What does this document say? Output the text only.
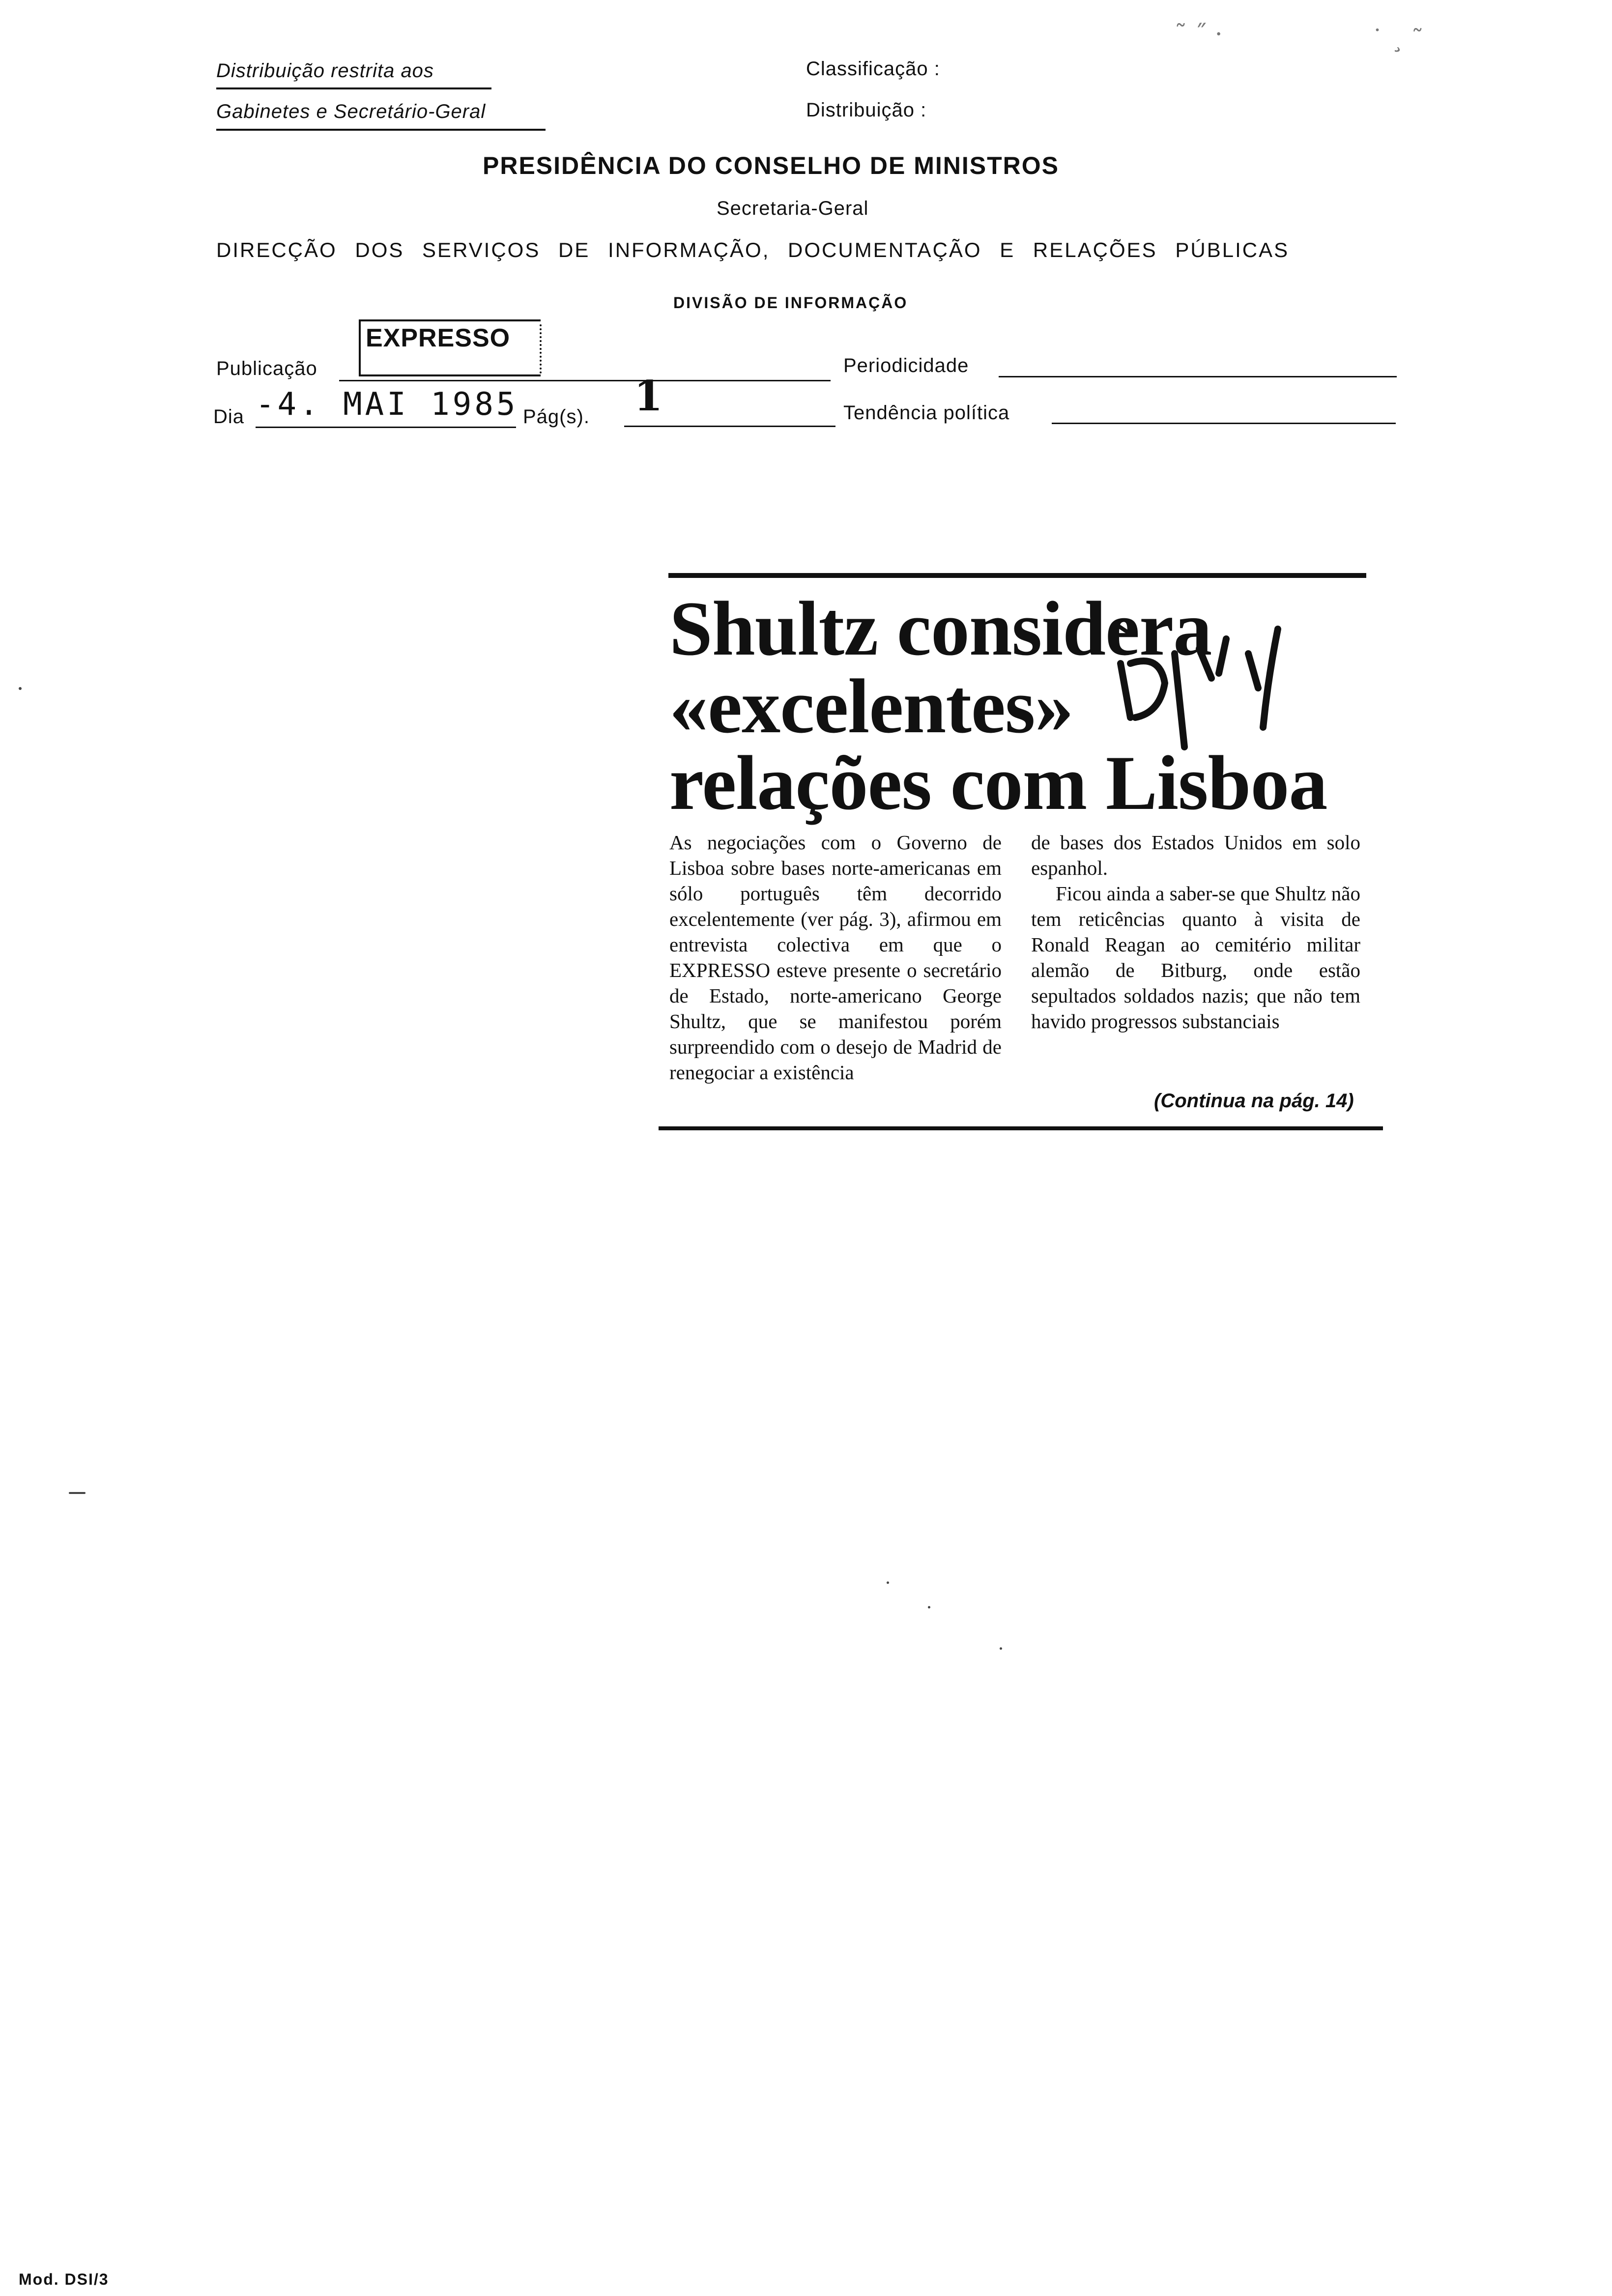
Distribuição restrita aos
Gabinetes e Secretário-Geral
Classificação :
Distribuição :
˜ ˝ ·	˙ ¸ ˜
PRESIDÊNCIA DO CONSELHO DE MINISTROS
Secretaria-Geral
DIRECÇÃO DOS SERVIÇOS DE INFORMAÇÃO, DOCUMENTAÇÃO E RELAÇÕES PÚBLICAS
DIVISÃO DE INFORMAÇÃO
Publicação
EXPRESSO
Periodicidade
Dia -4. MAI 1985 Pág(s). 1	Tendência política
Shultz considera
«excelentes»
relações com Lisboa

As negociações com o Governo de Lisboa sobre bases norte-americanas em sólo português têm decorrido excelentemente (ver pág. 3), afirmou em entrevista colectiva em que o EXPRESSO esteve presente o secretário de Estado, norte-americano George Shultz, que se manifestou porém surpreendido com o desejo de Madrid de renegociar a existência

de bases dos Estados Unidos em solo espanhol.

Ficou ainda a saber-se que Shultz não tem reticências quanto à visita de Ronald Reagan ao cemitério militar alemão de Bitburg, onde estão sepultados soldados nazis; que não tem havido progressos substanciais

(Continua na pág. 14)
Mod. DSI/3
